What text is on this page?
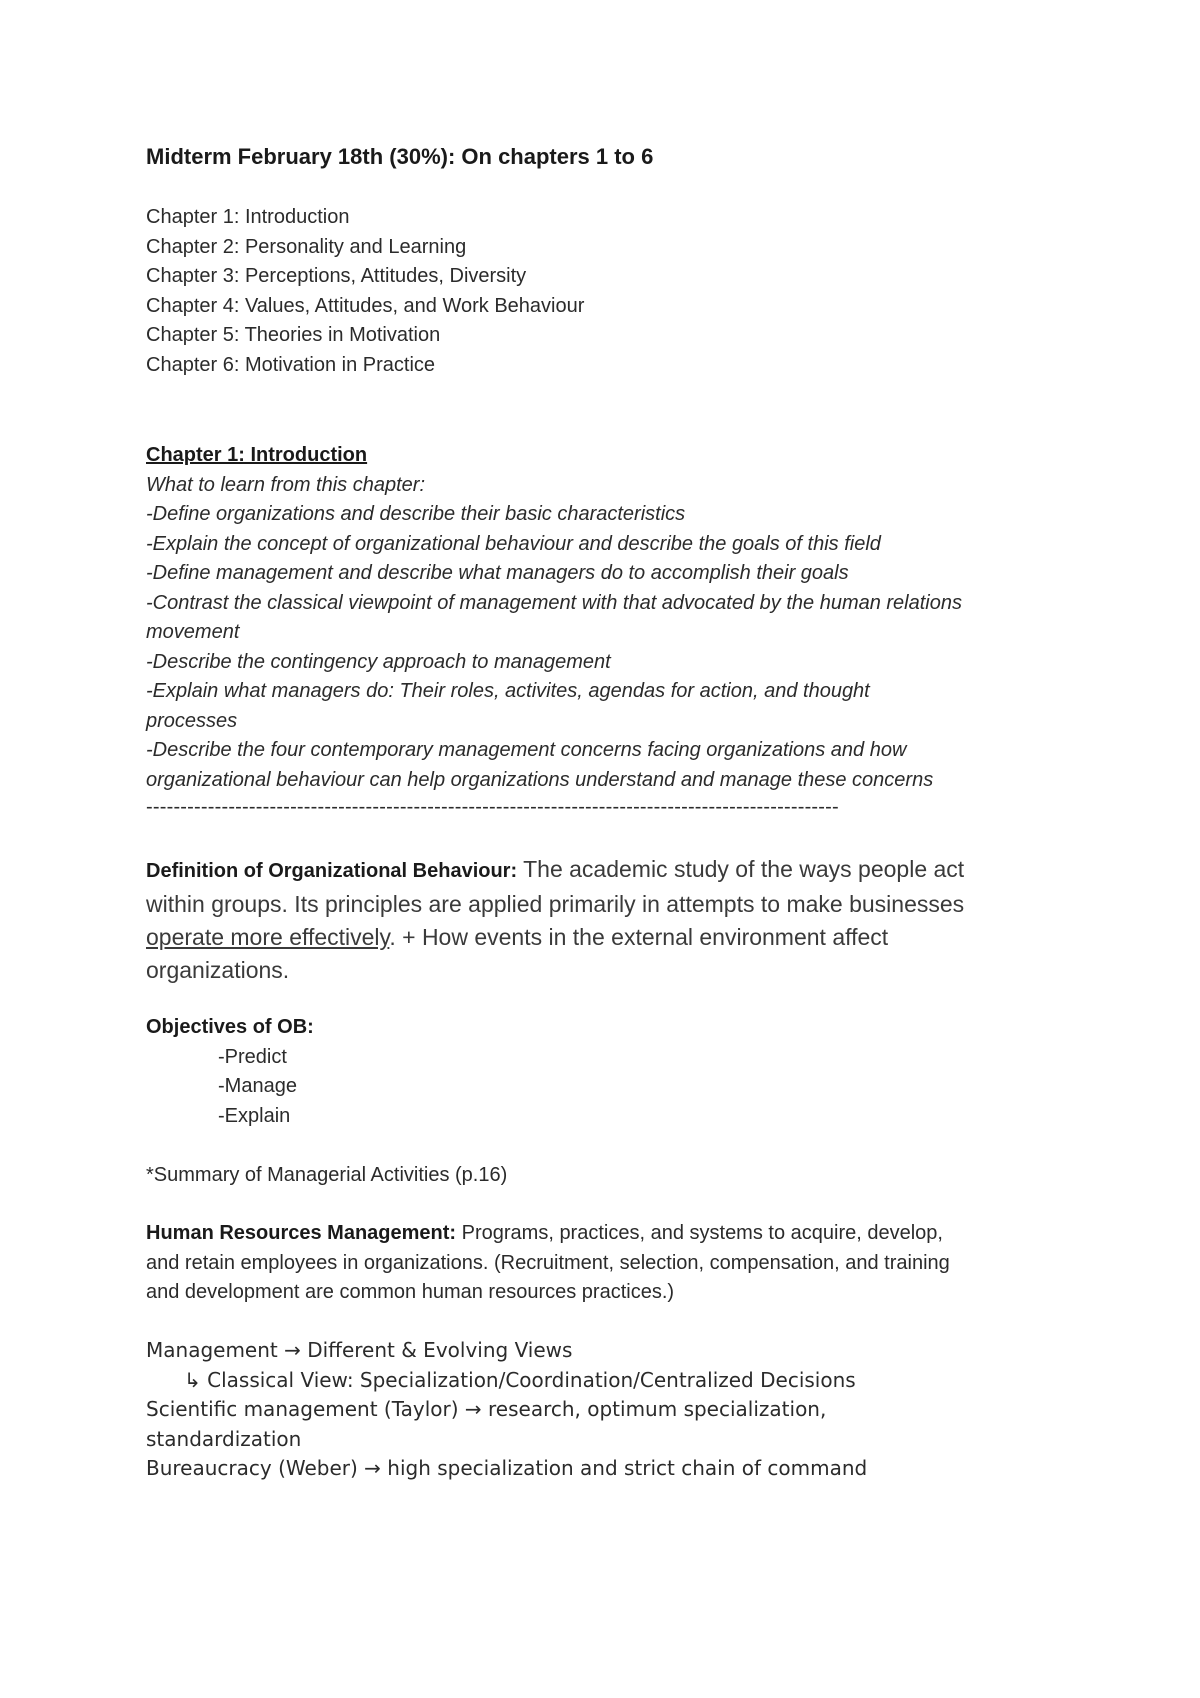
Midterm February 18th (30%): On chapters 1 to 6
Chapter 1: Introduction
Chapter 2: Personality and Learning
Chapter 3: Perceptions, Attitudes, Diversity
Chapter 4: Values, Attitudes, and Work Behaviour
Chapter 5: Theories in Motivation
Chapter 6: Motivation in Practice
Chapter 1: Introduction
What to learn from this chapter:
-Define organizations and describe their basic characteristics
-Explain the concept of organizational behaviour and describe the goals of this field
-Define management and describe what managers do to accomplish their goals
-Contrast the classical viewpoint of management with that advocated by the human relations
movement
-Describe the contingency approach to management
-Explain what managers do: Their roles, activites, agendas for action, and thought
processes
-Describe the four contemporary management concerns facing organizations and how
organizational behaviour can help organizations understand and manage these concerns
-----------------------------------------------------------------------------------------------------
Definition of Organizational Behaviour: The academic study of the ways people act
within groups. Its principles are applied primarily in attempts to make businesses
operate more effectively. + How events in the external environment affect
organizations.
Objectives of OB:
-Predict
-Manage
-Explain
*Summary of Managerial Activities (p.16)
Human Resources Management: Programs, practices, and systems to acquire, develop,
and retain employees in organizations. (Recruitment, selection, compensation, and training
and development are common human resources practices.)
Management → Different & Evolving Views
↳ Classical View: Specialization/Coordination/Centralized Decisions
Scientific management (Taylor) → research, optimum specialization,
standardization
Bureaucracy (Weber) → high specialization and strict chain of command
